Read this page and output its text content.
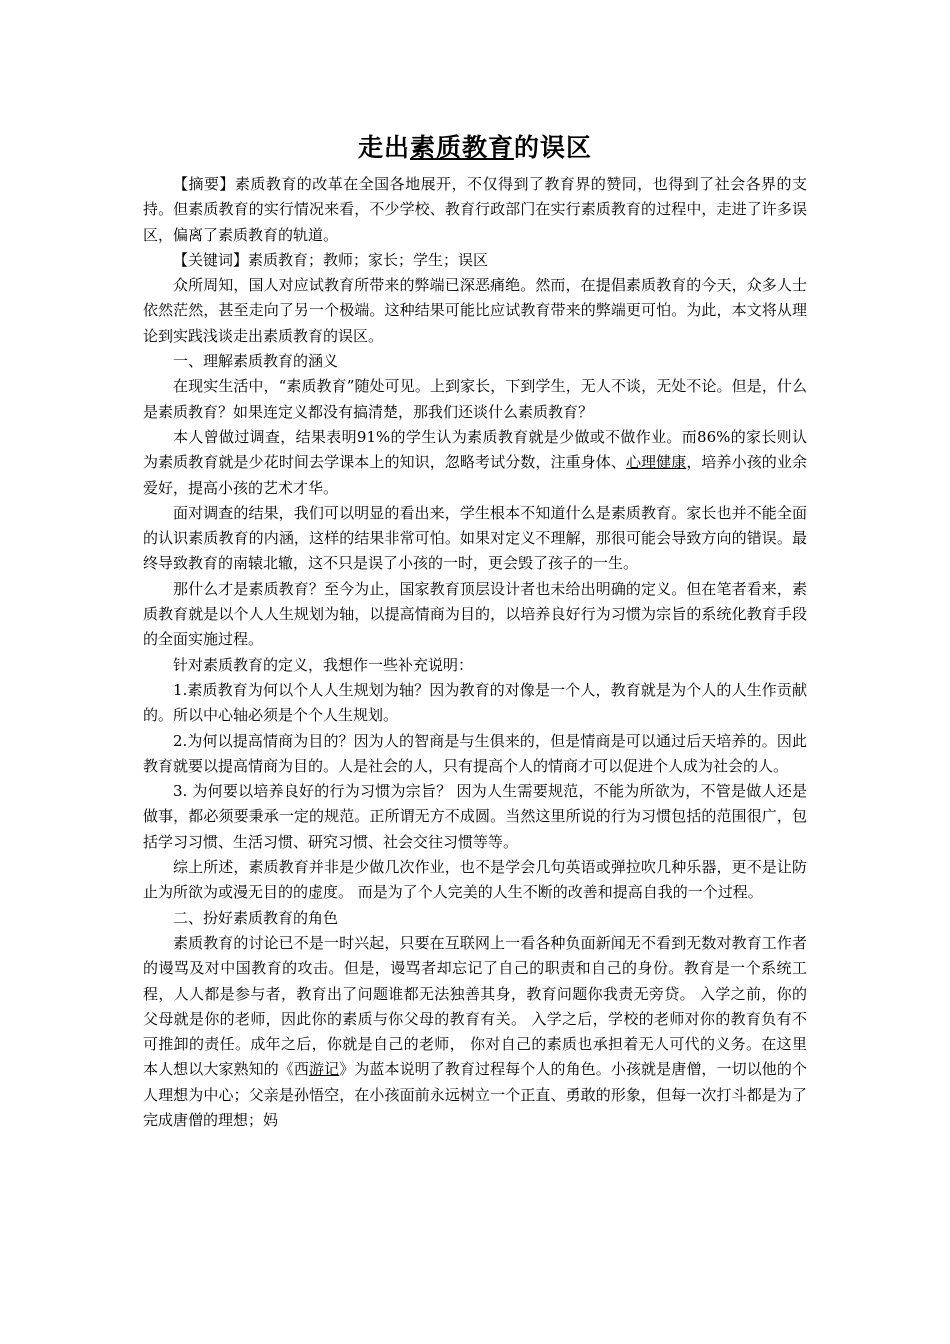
走出素质教育的误区

【摘要】素质教育的改革在全国各地展开，不仅得到了教育界的赞同，也得到了社会各界的支持。但素质教育的实行情况来看，不少学校、教育行政部门在实行素质教育的过程中，走进了许多误区，偏离了素质教育的轨道。

【关键词】素质教育；教师；家长；学生；误区

众所周知，国人对应试教育所带来的弊端已深恶痛绝。然而，在提倡素质教育的今天，众多人士依然茫然，甚至走向了另一个极端。这种结果可能比应试教育带来的弊端更可怕。为此，本文将从理论到实践浅谈走出素质教育的误区。

一、理解素质教育的涵义

在现实生活中，“素质教育”随处可见。上到家长，下到学生，无人不谈，无处不论。但是，什么是素质教育？如果连定义都没有搞清楚，那我们还谈什么素质教育？

本人曾做过调查，结果表明91%的学生认为素质教育就是少做或不做作业。而86%的家长则认为素质教育就是少花时间去学课本上的知识，忽略考试分数，注重身体、心理健康，培养小孩的业余爱好，提高小孩的艺术才华。

面对调查的结果，我们可以明显的看出来，学生根本不知道什么是素质教育。家长也并不能全面的认识素质教育的内涵，这样的结果非常可怕。如果对定义不理解，那很可能会导致方向的错误。最终导致教育的南辕北辙，这不只是误了小孩的一时，更会毁了孩子的一生。

那什么才是素质教育？至今为止，国家教育顶层设计者也未给出明确的定义。但在笔者看来，素质教育就是以个人人生规划为轴，以提高情商为目的，以培养良好行为习惯为宗旨的系统化教育手段的全面实施过程。

针对素质教育的定义，我想作一些补充说明：

1.素质教育为何以个人人生规划为轴？因为教育的对像是一个人，教育就是为个人的人生作贡献的。所以中心轴必须是个个人生规划。

2.为何以提高情商为目的？因为人的智商是与生俱来的，但是情商是可以通过后天培养的。因此教育就要以提高情商为目的。人是社会的人，只有提高个人的情商才可以促进个人成为社会的人。

3. 为何要以培养良好的行为习惯为宗旨？ 因为人生需要规范，不能为所欲为，不管是做人还是做事，都必须要秉承一定的规范。正所谓无方不成圆。当然这里所说的行为习惯包括的范围很广，包括学习习惯、生活习惯、研究习惯、社会交往习惯等等。

综上所述，素质教育并非是少做几次作业，也不是学会几句英语或弹拉吹几种乐器，更不是让防止为所欲为或漫无目的的虚度。 而是为了个人完美的人生不断的改善和提高自我的一个过程。

二、扮好素质教育的角色

素质教育的讨论已不是一时兴起，只要在互联网上一看各种负面新闻无不看到无数对教育工作者的谩骂及对中国教育的攻击。但是，谩骂者却忘记了自己的职责和自己的身份。教育是一个系统工程，人人都是参与者，教育出了问题谁都无法独善其身，教育问题你我责无旁贷。 入学之前，你的父母就是你的老师，因此你的素质与你父母的教育有关。 入学之后，学校的老师对你的教育负有不可推卸的责任。成年之后，你就是自己的老师， 你对自己的素质也承担着无人可代的义务。在这里本人想以大家熟知的《西游记》为蓝本说明了教育过程每个人的角色。小孩就是唐僧，一切以他的个人理想为中心；父亲是孙悟空，在小孩面前永远树立一个正直、勇敢的形象，但每一次打斗都是为了完成唐僧的理想；妈
